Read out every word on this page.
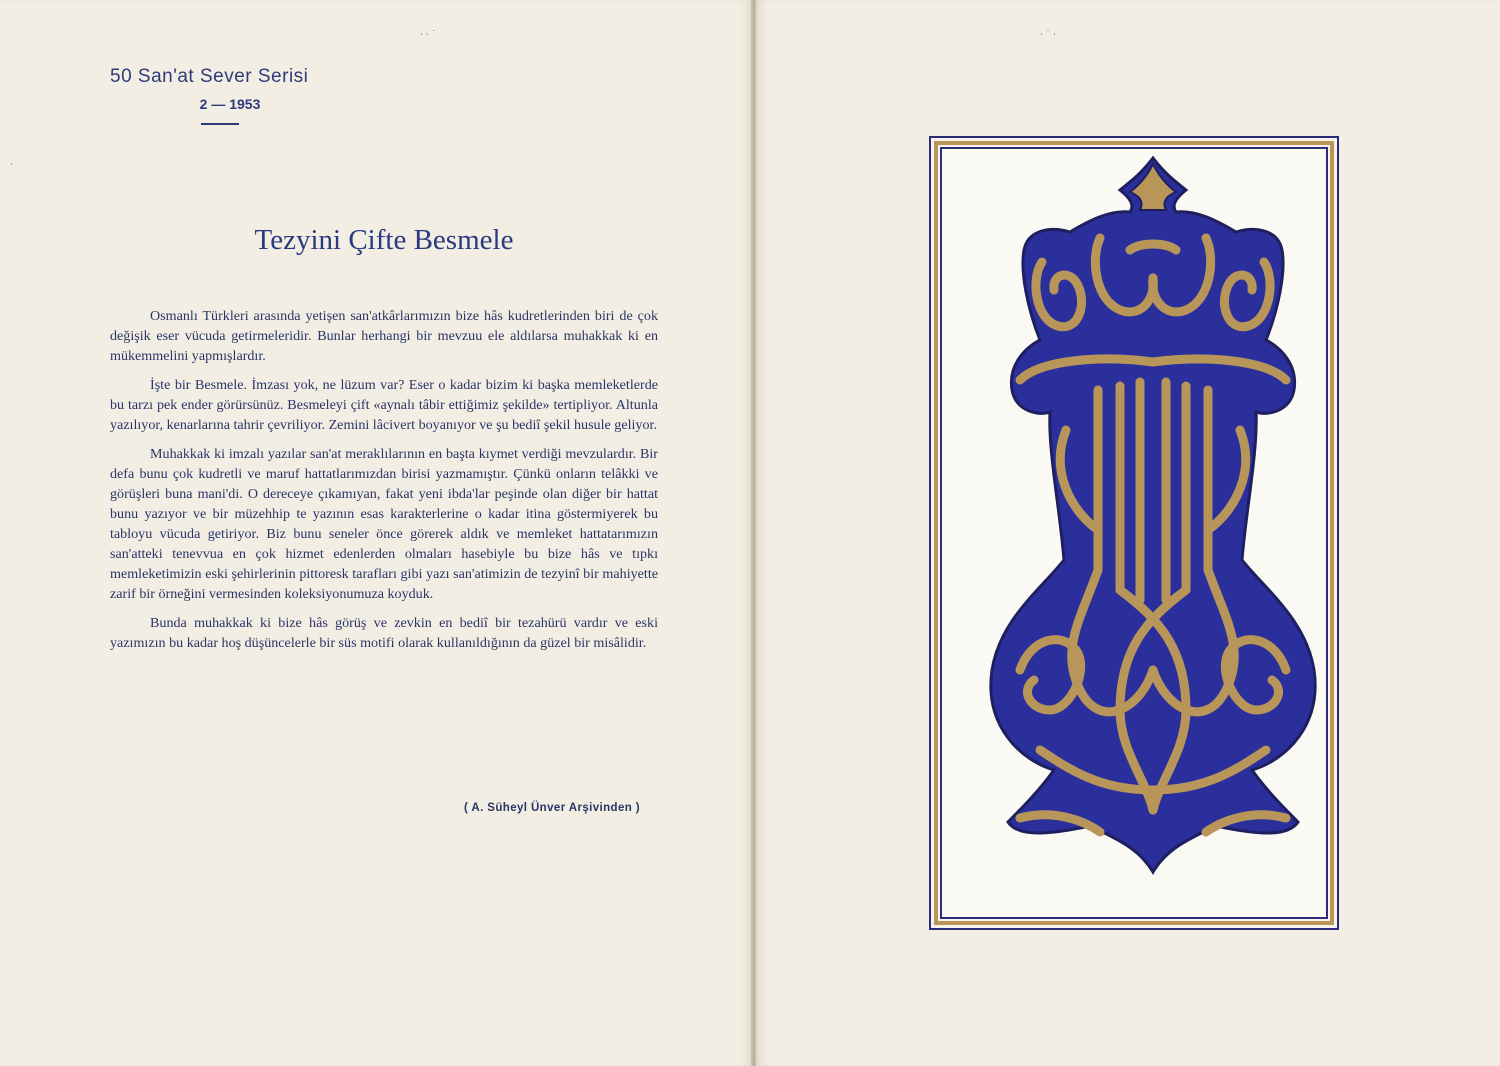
50 San'at Sever Serisi
2 — 1953
Tezyini Çifte Besmele

Osmanlı Türkleri arasında yetişen san'atkârlarımızın bize hâs kudretlerinden biri de çok değişik eser vücuda getirmeleridir. Bunlar herhangi bir mevzuu ele aldılarsa muhakkak ki en mükemmelini yapmışlardır.

İşte bir Besmele. İmzası yok, ne lüzum var? Eser o kadar bizim ki başka memleketlerde bu tarzı pek ender görürsünüz. Besmeleyi çift «aynalı tâbir ettiğimiz şekilde» tertipliyor. Altunla yazılıyor, kenarlarına tahrir çevriliyor. Zemini lâcivert boyanıyor ve şu bediî şekil husule geliyor.

Muhakkak ki imzalı yazılar san'at meraklılarının en başta kıymet verdiği mevzulardır. Bir defa bunu çok kudretli ve maruf hattatlarımızdan birisi yazmamıştır. Çünkü onların telâkki ve görüşleri buna mani'di. O dereceye çıkamıyan, fakat yeni ibda'lar peşinde olan diğer bir hattat bunu yazıyor ve bir müzehhip te yazının esas karakterlerine o kadar itina göstermiyerek bu tabloyu vücuda getiriyor. Biz bunu seneler önce görerek aldık ve memleket hattatarımızın san'atteki tenevvua en çok hizmet edenlerden olmaları hasebiyle bu bize hâs ve tıpkı memleketimizin eski şehirlerinin pittoresk tarafları gibi yazı san'atimizin de tezyinî bir mahiyette zarif bir örneğini vermesinden koleksiyonumuza koyduk.

Bunda muhakkak ki bize hâs görüş ve zevkin en bediî bir tezahürü vardır ve eski yazımızın bu kadar hoş düşüncelerle bir süs motifi olarak kullanıldığının da güzel bir misâlidir.

( A. Süheyl Ünver Arşivinden )
· · ˙	· ˙ ·
·
